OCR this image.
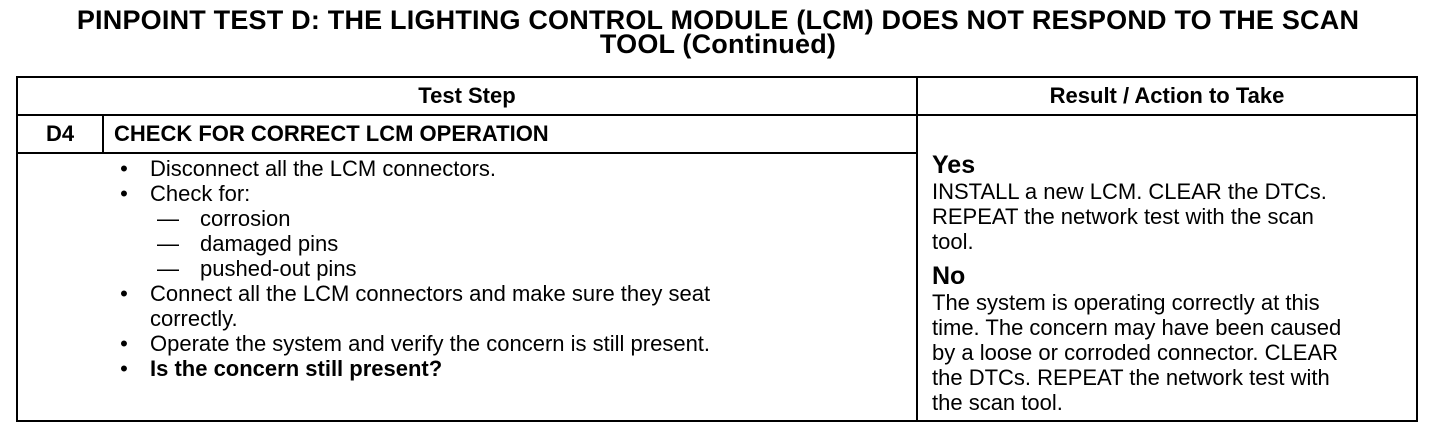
PINPOINT TEST D: THE LIGHTING CONTROL MODULE (LCM) DOES NOT RESPOND TO THE SCAN
TOOL (Continued)
Test Step	Result / Action to Take
D4	CHECK FOR CORRECT LCM OPERATION
• Disconnect all the LCM connectors.
• Check for:
— corrosion
— damaged pins
— pushed-out pins
• Connect all the LCM connectors and make sure they seat
correctly.
• Operate the system and verify the concern is still present.
• Is the concern still present?
Yes
INSTALL a new LCM. CLEAR the DTCs.
REPEAT the network test with the scan
tool.
No
The system is operating correctly at this
time. The concern may have been caused
by a loose or corroded connector. CLEAR
the DTCs. REPEAT the network test with
the scan tool.
